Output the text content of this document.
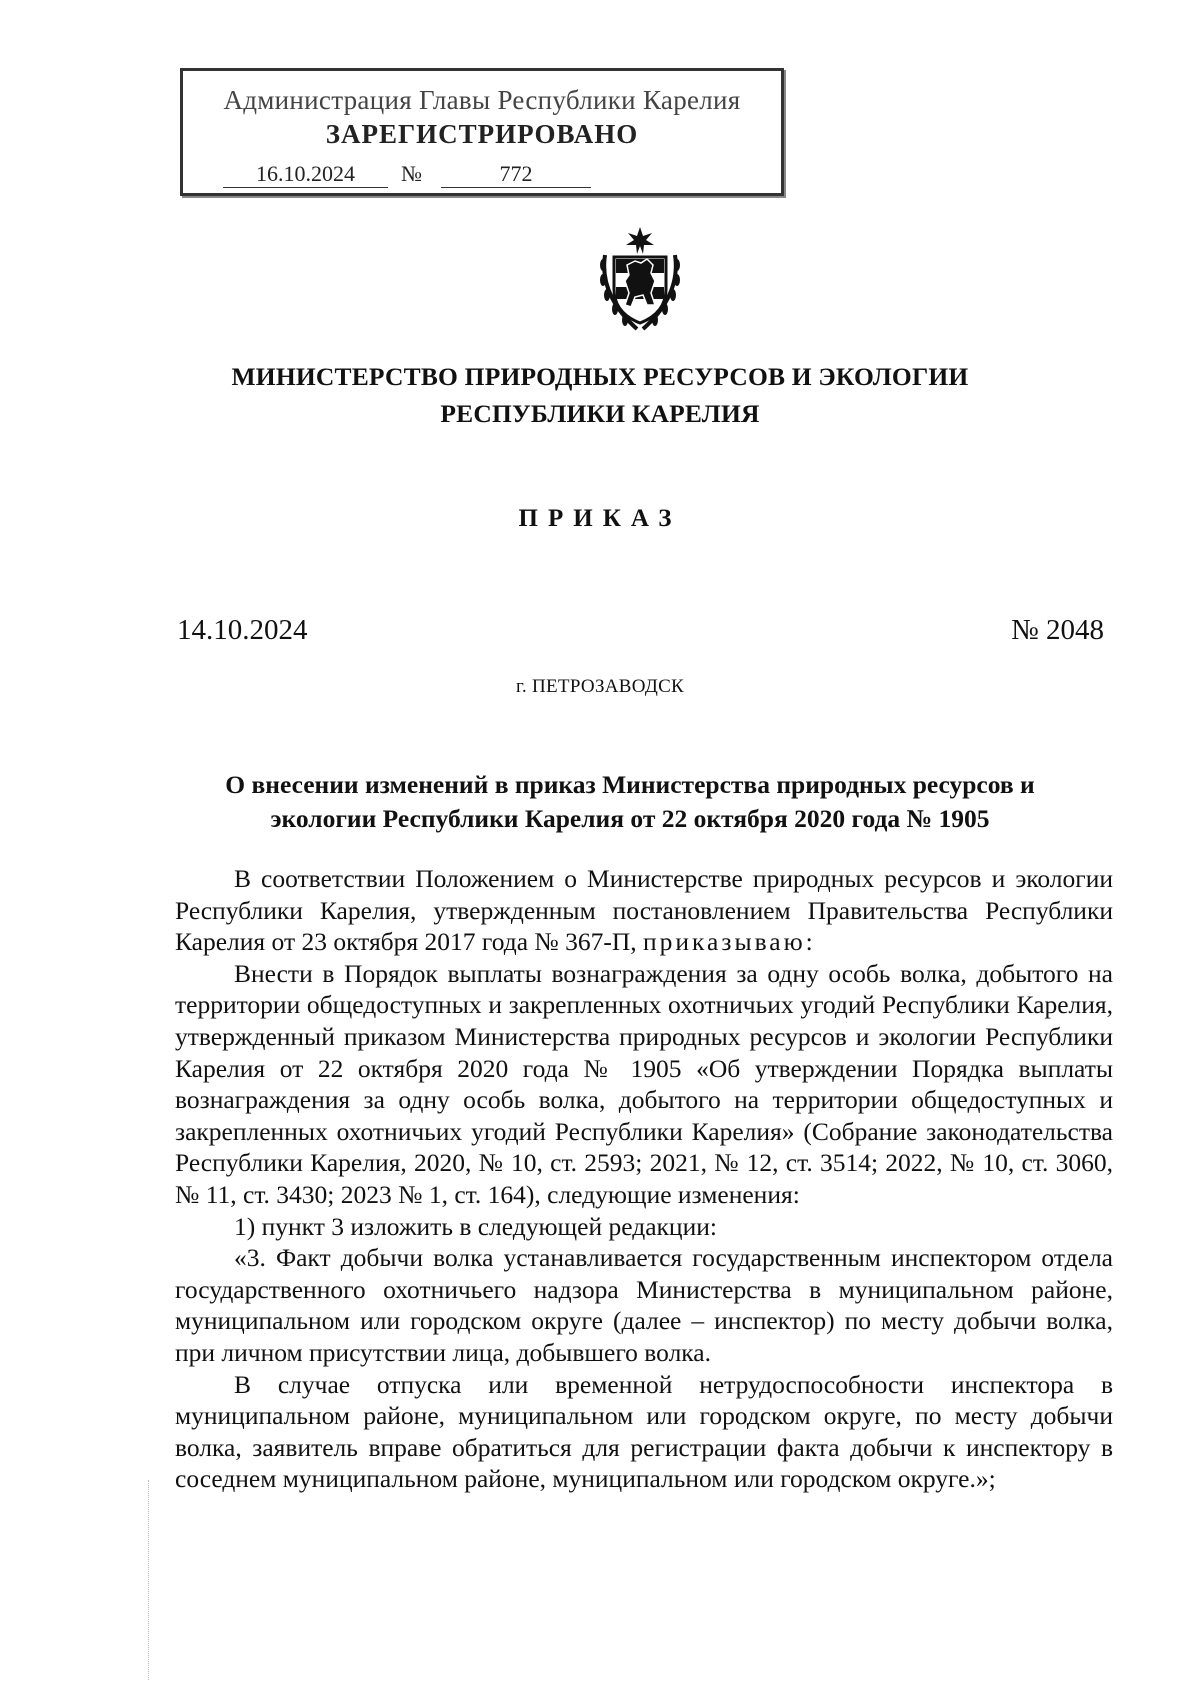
Администрация Главы Республики Карелия
ЗАРЕГИСТРИРОВАНО
16.10.2024	№	772
МИНИСТЕРСТВО ПРИРОДНЫХ РЕСУРСОВ И ЭКОЛОГИИ
РЕСПУБЛИКИ КАРЕЛИЯ
ПРИКАЗ
14.10.2024	№ 2048
г. ПЕТРОЗАВОДСК
О внесении изменений в приказ Министерства природных ресурсов и
экологии Республики Карелия от 22 октября 2020 года № 1905

В соответствии Положением о Министерстве природных ресурсов и экологии Республики Карелия, утвержденным постановлением Правительства Республики Карелия от 23 октября 2017 года № 367-П, приказываю:

Внести в Порядок выплаты вознаграждения за одну особь волка, добытого на территории общедоступных и закрепленных охотничьих угодий Республики Карелия, утвержденный приказом Министерства природных ресурсов и экологии Республики Карелия от 22 октября 2020 года № 1905 «Об утверждении Порядка выплаты вознаграждения за одну особь волка, добытого на территории общедоступных и закрепленных охотничьих угодий Республики Карелия» (Собрание законодательства Республики Карелия, 2020, № 10, ст. 2593; 2021, № 12, ст. 3514; 2022, № 10, ст. 3060, № 11, ст. 3430; 2023 № 1, ст. 164), следующие изменения:

1) пункт 3 изложить в следующей редакции:

«3. Факт добычи волка устанавливается государственным инспектором отдела государственного охотничьего надзора Министерства в муниципальном районе, муниципальном или городском округе (далее – инспектор) по месту добычи волка, при личном присутствии лица, добывшего волка.

В случае отпуска или временной нетрудоспособности инспектора в муниципальном районе, муниципальном или городском округе, по месту добычи волка, заявитель вправе обратиться для регистрации факта добычи к инспектору в соседнем муниципальном районе, муниципальном или городском округе.»;
